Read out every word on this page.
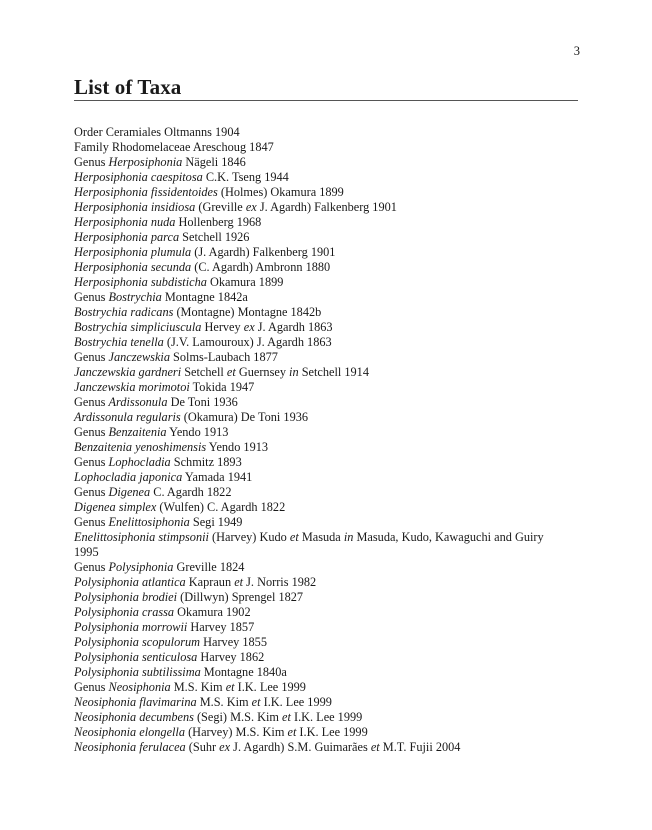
3
List of Taxa
Order Ceramiales Oltmanns 1904
Family Rhodomelaceae Areschoug 1847
Genus Herposiphonia Nägeli 1846
Herposiphonia caespitosa C.K. Tseng 1944
Herposiphonia fissidentoides (Holmes) Okamura 1899
Herposiphonia insidiosa (Greville ex J. Agardh) Falkenberg 1901
Herposiphonia nuda Hollenberg 1968
Herposiphonia parca Setchell 1926
Herposiphonia plumula (J. Agardh) Falkenberg 1901
Herposiphonia secunda (C. Agardh) Ambronn 1880
Herposiphonia subdisticha Okamura 1899
Genus Bostrychia Montagne 1842a
Bostrychia radicans (Montagne) Montagne 1842b
Bostrychia simpliciuscula Hervey ex J. Agardh 1863
Bostrychia tenella (J.V. Lamouroux) J. Agardh 1863
Genus Janczewskia Solms-Laubach 1877
Janczewskia gardneri Setchell et Guernsey in Setchell 1914
Janczewskia morimotoi Tokida 1947
Genus Ardissonula De Toni 1936
Ardissonula regularis (Okamura) De Toni 1936
Genus Benzaitenia Yendo 1913
Benzaitenia yenoshimensis Yendo 1913
Genus Lophocladia Schmitz 1893
Lophocladia japonica Yamada 1941
Genus Digenea C. Agardh 1822
Digenea simplex (Wulfen) C. Agardh 1822
Genus Enelittosiphonia Segi 1949
Enelittosiphonia stimpsonii (Harvey) Kudo et Masuda in Masuda, Kudo, Kawaguchi and Guiry 1995
Genus Polysiphonia Greville 1824
Polysiphonia atlantica Kapraun et J. Norris 1982
Polysiphonia brodiei (Dillwyn) Sprengel 1827
Polysiphonia crassa Okamura 1902
Polysiphonia morrowii Harvey 1857
Polysiphonia scopulorum Harvey 1855
Polysiphonia senticulosa Harvey 1862
Polysiphonia subtilissima Montagne 1840a
Genus Neosiphonia M.S. Kim et I.K. Lee 1999
Neosiphonia flavimarina M.S. Kim et I.K. Lee 1999
Neosiphonia decumbens (Segi) M.S. Kim et I.K. Lee 1999
Neosiphonia elongella (Harvey) M.S. Kim et I.K. Lee 1999
Neosiphonia ferulacea (Suhr ex J. Agardh) S.M. Guimarães et M.T. Fujii 2004
